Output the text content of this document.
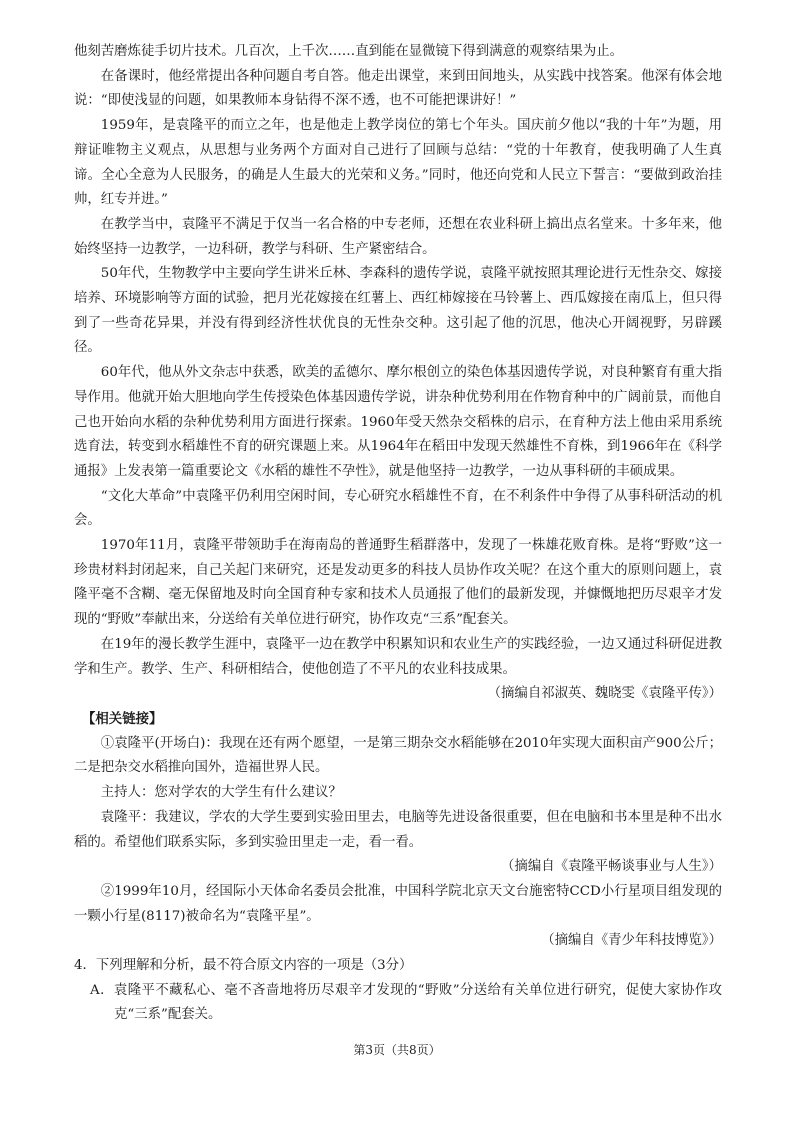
他刻苦磨炼徒手切片技术。几百次，上千次……直到能在显微镜下得到满意的观察结果为止。

在备课时，他经常提出各种问题自考自答。他走出课堂，来到田间地头，从实践中找答案。他深有体会地说：“即使浅显的问题，如果教师本身钻得不深不透，也不可能把课讲好！”

1959年，是袁隆平的而立之年，也是他走上教学岗位的第七个年头。国庆前夕他以“我的十年”为题，用辩证唯物主义观点，从思想与业务两个方面对自己进行了回顾与总结：“党的十年教育，使我明确了人生真谛。全心全意为人民服务，的确是人生最大的光荣和义务。”同时，他还向党和人民立下誓言：“要做到政治挂帅，红专并进。”

在教学当中，袁隆平不满足于仅当一名合格的中专老师，还想在农业科研上搞出点名堂来。十多年来，他始终坚持一边教学，一边科研，教学与科研、生产紧密结合。

50年代，生物教学中主要向学生讲米丘林、李森科的遗传学说，袁隆平就按照其理论进行无性杂交、嫁接培养、环境影响等方面的试验，把月光花嫁接在红薯上、西红柿嫁接在马铃薯上、西瓜嫁接在南瓜上，但只得到了一些奇花异果，并没有得到经济性状优良的无性杂交种。这引起了他的沉思，他决心开阔视野，另辟蹊径。

60年代，他从外文杂志中获悉，欧美的孟德尔、摩尔根创立的染色体基因遗传学说，对良种繁育有重大指导作用。他就开始大胆地向学生传授染色体基因遗传学说，讲杂种优势利用在作物育种中的广阔前景，而他自己也开始向水稻的杂种优势利用方面进行探索。1960年受天然杂交稻株的启示，在育种方法上他由采用系统选育法，转变到水稻雄性不育的研究课题上来。从1964年在稻田中发现天然雄性不育株，到1966年在《科学通报》上发表第一篇重要论文《水稻的雄性不孕性》，就是他坚持一边教学，一边从事科研的丰硕成果。

“文化大革命”中袁隆平仍利用空闲时间，专心研究水稻雄性不育，在不利条件中争得了从事科研活动的机会。

1970年11月，袁隆平带领助手在海南岛的普通野生稻群落中，发现了一株雄花败育株。是将“野败”这一珍贵材料封闭起来，自己关起门来研究，还是发动更多的科技人员协作攻关呢？在这个重大的原则问题上，袁隆平毫不含糊、毫无保留地及时向全国育种专家和技术人员通报了他们的最新发现，并慷慨地把历尽艰辛才发现的“野败”奉献出来，分送给有关单位进行研究，协作攻克“三系”配套关。

在19年的漫长教学生涯中，袁隆平一边在教学中积累知识和农业生产的实践经验，一边又通过科研促进教学和生产。教学、生产、科研相结合，使他创造了不平凡的农业科技成果。

（摘编自祁淑英、魏晓雯《袁隆平传》）

【相关链接】

①袁隆平(开场白)：我现在还有两个愿望，一是第三期杂交水稻能够在2010年实现大面积亩产900公斤；二是把杂交水稻推向国外，造福世界人民。

主持人：您对学农的大学生有什么建议？

袁隆平：我建议，学农的大学生要到实验田里去，电脑等先进设备很重要，但在电脑和书本里是种不出水稻的。希望他们联系实际，多到实验田里走一走，看一看。

（摘编自《袁隆平畅谈事业与人生》）

②1999年10月，经国际小天体命名委员会批准，中国科学院北京天文台施密特CCD小行星项目组发现的一颗小行星(8117)被命名为“袁隆平星”。

（摘编自《青少年科技博览》）

4．下列理解和分析，最不符合原文内容的一项是（3分）

A．袁隆平不藏私心、毫不吝啬地将历尽艰辛才发现的“野败”分送给有关单位进行研究，促使大家协作攻克“三系”配套关。

第3页（共8页）
